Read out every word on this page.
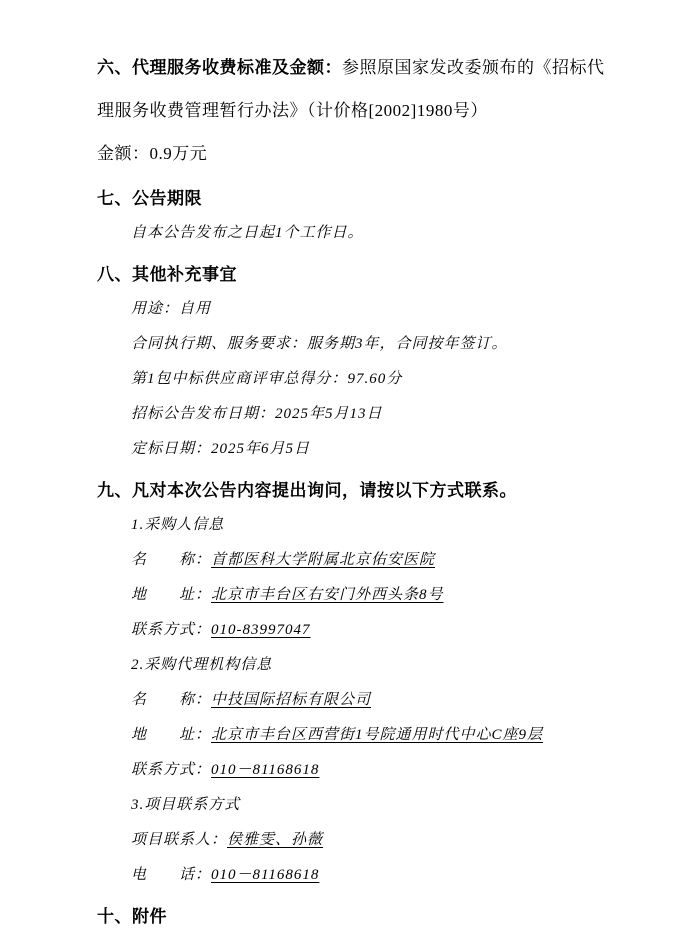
六、代理服务收费标准及金额：参照原国家发改委颁布的《招标代理服务收费管理暂行办法》（计价格[2002]1980号）

金额：0.9万元

七、公告期限

自本公告发布之日起1个工作日。

八、其他补充事宜

用途：自用

合同执行期、服务要求：服务期3年，合同按年签订。

第1包中标供应商评审总得分：97.60分

招标公告发布日期：2025年5月13日

定标日期：2025年6月5日

九、凡对本次公告内容提出询问，请按以下方式联系。

1.采购人信息

名　　称：首都医科大学附属北京佑安医院

地　　址：北京市丰台区右安门外西头条8号

联系方式：010-83997047

2.采购代理机构信息

名　　称：中技国际招标有限公司

地　　址：北京市丰台区西营街1号院通用时代中心C座9层

联系方式：010－81168618

3.项目联系方式

项目联系人：侯雅雯、孙薇

电　　话：010－81168618

十、附件
